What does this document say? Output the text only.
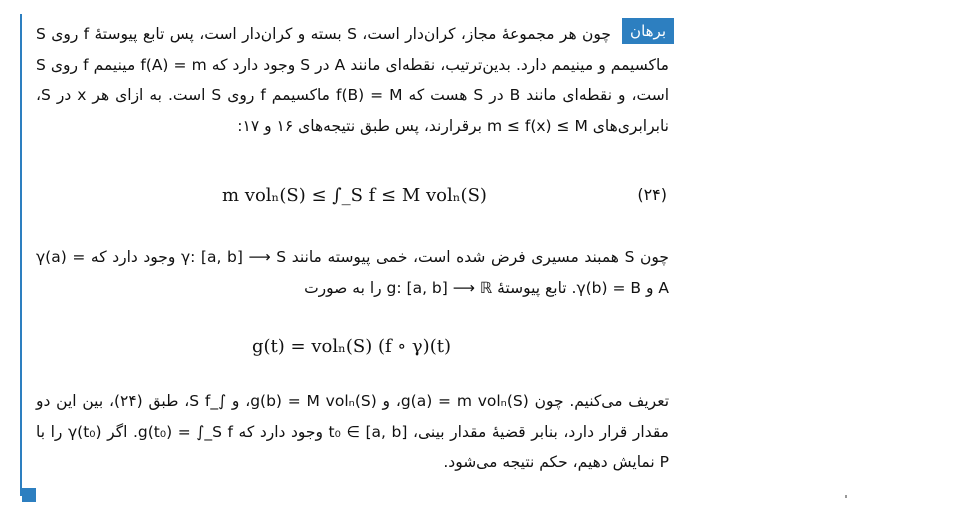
برهان
چون هر مجموعهٔ مجاز، کران‌دار است، S بسته و کران‌دار است، پس تابع پیوستهٔ f روی S ماکسیمم و مینیمم دارد. بدین‌ترتیب، نقطه‌ای مانند A در S وجود دارد که f(A) = m مینیمم f روی S است، و نقطه‌ای مانند B در S هست که f(B) = M ماکسیمم f روی S است. به ازای هر x در S، نابرابری‌های m ≤ f(x) ≤ M برقرارند، پس طبق نتیجه‌های ۱۶ و ۱۷:
m volₙ(S) ≤ ∫_S f ≤ M volₙ(S)	(۲۴)
چون S همبند مسیری فرض شده است، خمی پیوسته مانند γ: [a, b] ⟶ S وجود دارد که γ(a) = A و γ(b) = B. تابع پیوستهٔ g: [a, b] ⟶ ℝ را به صورت
g(t) = volₙ(S) (f ∘ γ)(t)
تعریف می‌کنیم. چون g(a) = m volₙ(S)، و g(b) = M volₙ(S)، و ∫_S f، طبق (۲۴)، بین این دو مقدار قرار دارد، بنابر قضیهٔ مقدار بینی، t₀ ∈ [a, b] وجود دارد که g(t₀) = ∫_S f. اگر γ(t₀) را با P نمایش دهیم، حکم نتیجه می‌شود.
